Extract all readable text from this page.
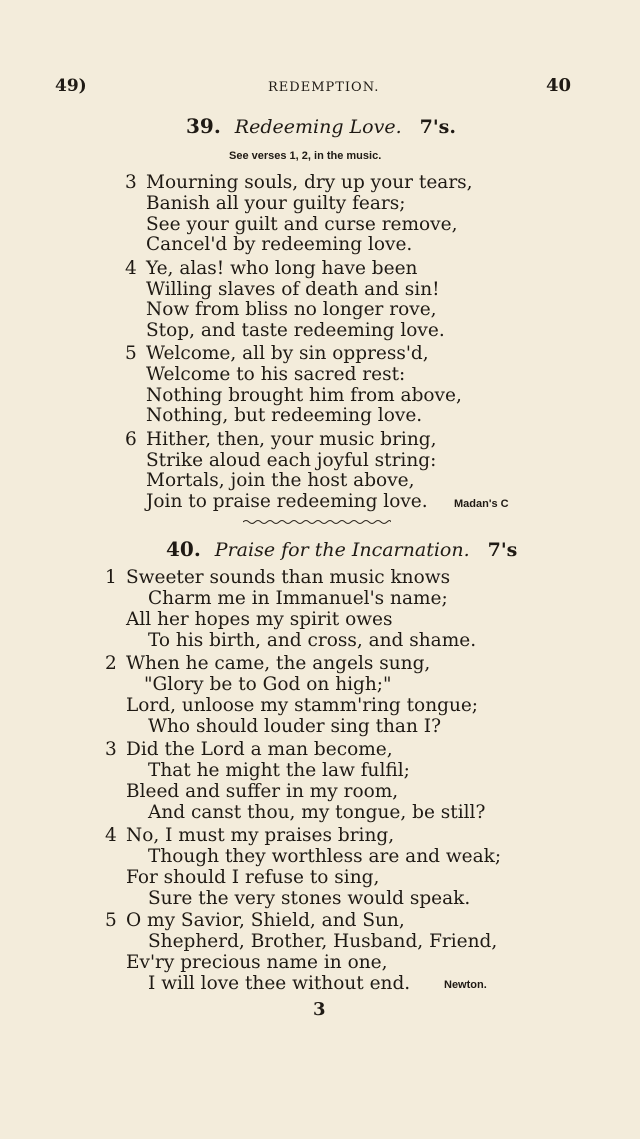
49)	REDEMPTION.	40
39. Redeeming Love. 7's.
See verses 1, 2, in the music.
3
4
5
6
Mourning souls, dry up your tears,
Banish all your guilty fears;
See your guilt and curse remove,
Cancel'd by redeeming love.
Ye, alas! who long have been
Willing slaves of death and sin!
Now from bliss no longer rove,
Stop, and taste redeeming love.
Welcome, all by sin oppress'd,
Welcome to his sacred rest:
Nothing brought him from above,
Nothing, but redeeming love.
Hither, then, your music bring,
Strike aloud each joyful string:
Mortals, join the host above,
Join to praise redeeming love. Madan's C
40. Praise for the Incarnation. 7's
1
2
3
4
5
Sweeter sounds than music knows
Charm me in Immanuel's name;
All her hopes my spirit owes
To his birth, and cross, and shame.
When he came, the angels sung,
"Glory be to God on high;"
Lord, unloose my stamm'ring tongue;
Who should louder sing than I?
Did the Lord a man become,
That he might the law fulfil;
Bleed and suffer in my room,
And canst thou, my tongue, be still?
No, I must my praises bring,
Though they worthless are and weak;
For should I refuse to sing,
Sure the very stones would speak.
O my Savior, Shield, and Sun,
Shepherd, Brother, Husband, Friend,
Ev'ry precious name in one,
I will love thee without end.	Newton.
3
